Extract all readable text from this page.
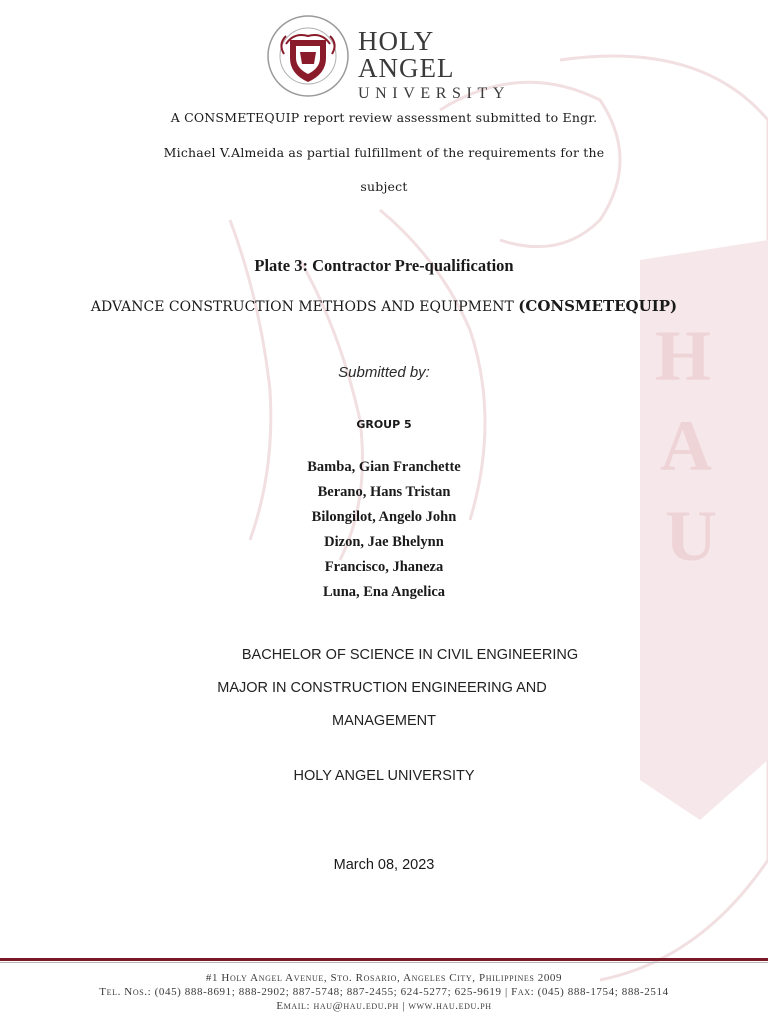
H
A
U
HOLY ANGEL
UNIVERSITY
A CONSMETEQUIP report review assessment submitted to Engr.
Michael V.Almeida as partial fulfillment of the requirements for the
subject
Plate 3: Contractor Pre-qualification
ADVANCE CONSTRUCTION METHODS AND EQUIPMENT (CONSMETEQUIP)
Submitted by:
GROUP 5
Bamba, Gian Franchette
Berano, Hans Tristan
Bilongilot, Angelo John
Dizon, Jae Bhelynn
Francisco, Jhaneza
Luna, Ena Angelica
BACHELOR OF SCIENCE IN CIVIL ENGINEERING
MAJOR IN CONSTRUCTION ENGINEERING AND
MANAGEMENT
HOLY ANGEL UNIVERSITY
March 08, 2023
#1 Holy Angel Avenue, Sto. Rosario, Angeles City, Philippines 2009
Tel. Nos.: (045) 888-8691; 888-2902; 887-5748; 887-2455; 624-5277; 625-9619 | Fax: (045) 888-1754; 888-2514
Email: hau@hau.edu.ph | www.hau.edu.ph
